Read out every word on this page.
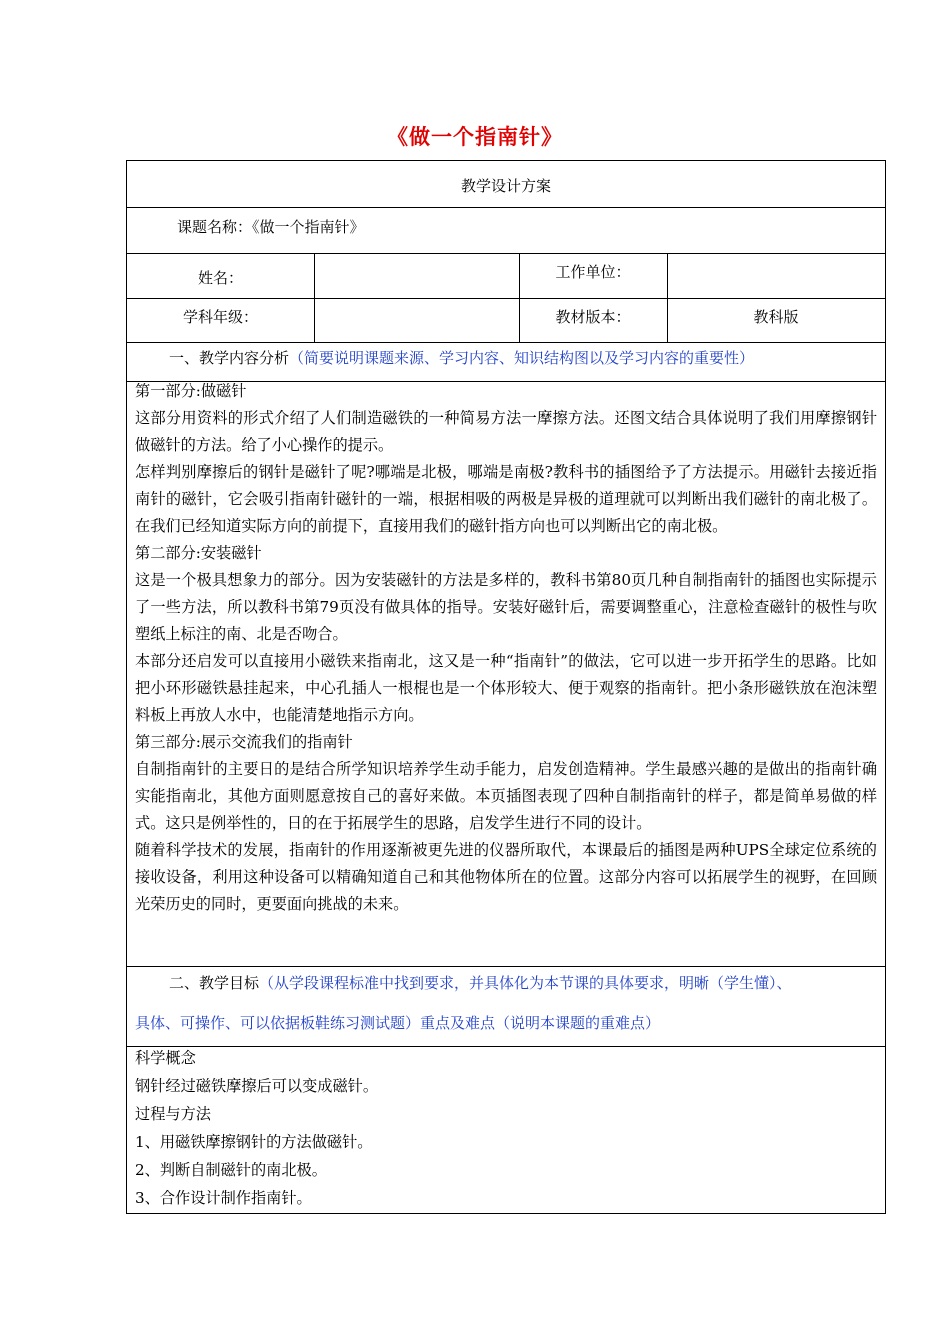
《做一个指南针》
教学设计方案
课题名称：《做一个指南针》
姓名：	工作单位：
学科年级：	教材版本：	教科版
一、教学内容分析（简要说明课题来源、学习内容、知识结构图以及学习内容的重要性）

第一部分:做磁针

这部分用资料的形式介绍了人们制造磁铁的一种简易方法一摩擦方法。还图文结合具体说明了我们用摩擦钢针做磁针的方法。给了小心操作的提示。

怎样判别摩擦后的钢针是磁针了呢?哪端是北极，哪端是南极?教科书的插图给予了方法提示。用磁针去接近指南针的磁针，它会吸引指南针磁针的一端，根据相吸的两极是异极的道理就可以判断出我们磁针的南北极了。在我们已经知道实际方向的前提下，直接用我们的磁针指方向也可以判断出它的南北极。

第二部分:安装磁针

这是一个极具想象力的部分。因为安装磁针的方法是多样的，教科书第80页几种自制指南针的插图也实际提示了一些方法，所以教科书第79页没有做具体的指导。安装好磁针后，需要调整重心，注意检查磁针的极性与吹塑纸上标注的南、北是否吻合。

本部分还启发可以直接用小磁铁来指南北，这又是一种“指南针”的做法，它可以进一步开拓学生的思路。比如把小环形磁铁悬挂起来，中心孔插人一根棍也是一个体形较大、便于观察的指南针。把小条形磁铁放在泡沫塑料板上再放人水中，也能清楚地指示方向。

第三部分:展示交流我们的指南针

自制指南针的主要日的是结合所学知识培养学生动手能力，启发创造精神。学生最感兴趣的是做出的指南针确实能指南北，其他方面则愿意按自己的喜好来做。本页插图表现了四种自制指南针的样子，都是简单易做的样式。这只是例举性的，日的在于拓展学生的思路，启发学生进行不同的设计。

随着科学技术的发展，指南针的作用逐渐被更先进的仪器所取代，本课最后的插图是两种UPS全球定位系统的接收设备，利用这种设备可以精确知道自己和其他物体所在的位置。这部分内容可以拓展学生的视野，在回顾光荣历史的同时，更要面向挑战的未来。

二、教学目标（从学段课程标准中找到要求，并具体化为本节课的具体要求，明晰（学生懂）、
具体、可操作、可以依据板鞋练习测试题）重点及难点（说明本课题的重难点）

科学概念

钢针经过磁铁摩擦后可以变成磁针。

过程与方法

1、用磁铁摩擦钢针的方法做磁针。

2、判断自制磁针的南北极。

3、合作设计制作指南针。
